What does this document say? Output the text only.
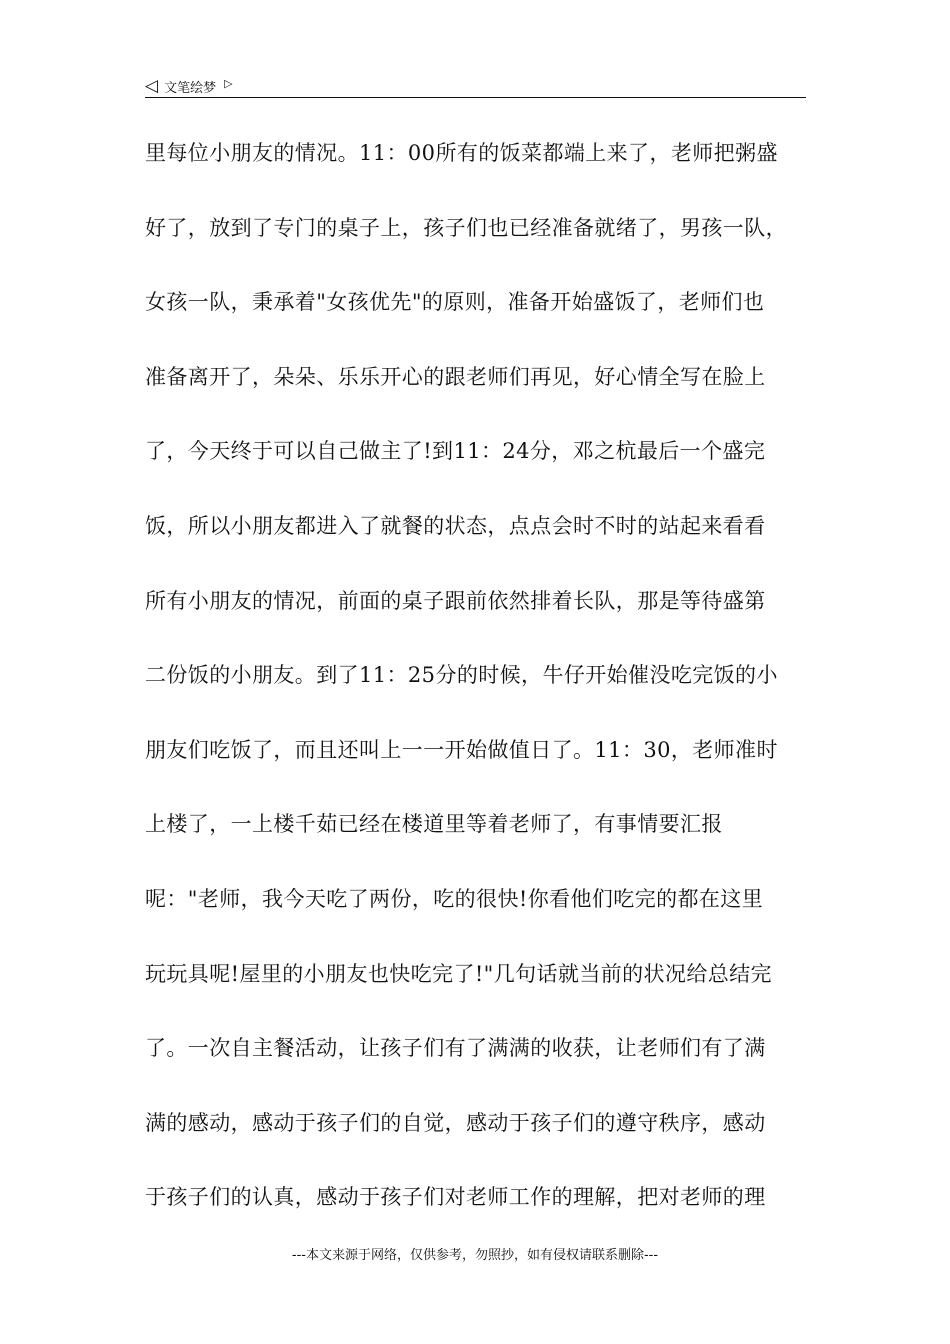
◁ 文笔绘梦 ▷
里每位小朋友的情况。11：00所有的饭菜都端上来了，老师把粥盛
好了，放到了专门的桌子上，孩子们也已经准备就绪了，男孩一队，
女孩一队，秉承着"女孩优先"的原则，准备开始盛饭了，老师们也
准备离开了，朵朵、乐乐开心的跟老师们再见，好心情全写在脸上
了，今天终于可以自己做主了!到11：24分，邓之杭最后一个盛完
饭，所以小朋友都进入了就餐的状态，点点会时不时的站起来看看
所有小朋友的情况，前面的桌子跟前依然排着长队，那是等待盛第
二份饭的小朋友。到了11：25分的时候，牛仔开始催没吃完饭的小
朋友们吃饭了，而且还叫上一一开始做值日了。11：30，老师准时
上楼了，一上楼千茹已经在楼道里等着老师了，有事情要汇报
呢："老师，我今天吃了两份，吃的很快!你看他们吃完的都在这里
玩玩具呢!屋里的小朋友也快吃完了!"几句话就当前的状况给总结完
了。一次自主餐活动，让孩子们有了满满的收获，让老师们有了满
满的感动，感动于孩子们的自觉，感动于孩子们的遵守秩序，感动
于孩子们的认真，感动于孩子们对老师工作的理解，把对老师的理
---本文来源于网络，仅供参考，勿照抄，如有侵权请联系删除---
